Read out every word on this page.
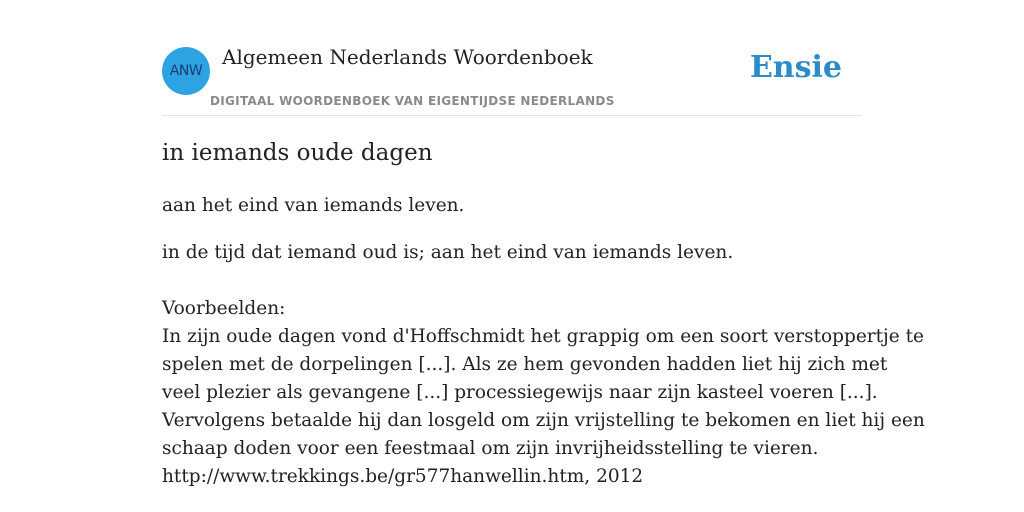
ANW
Algemeen Nederlands Woordenboek
DIGITAAL WOORDENBOEK VAN EIGENTIJDSE NEDERLANDS
Ensie
in iemands oude dagen
aan het eind van iemands leven.
in de tijd dat iemand oud is; aan het eind van iemands leven.
Voorbeelden:
In zijn oude dagen vond d'Hoffschmidt het grappig om een soort verstoppertje te
spelen met de dorpelingen [...]. Als ze hem gevonden hadden liet hij zich met
veel plezier als gevangene [...] processiegewijs naar zijn kasteel voeren [...].
Vervolgens betaalde hij dan losgeld om zijn vrijstelling te bekomen en liet hij een
schaap doden voor een feestmaal om zijn invrijheidsstelling te vieren.
http://www.trekkings.be/gr577hanwellin.htm, 2012
